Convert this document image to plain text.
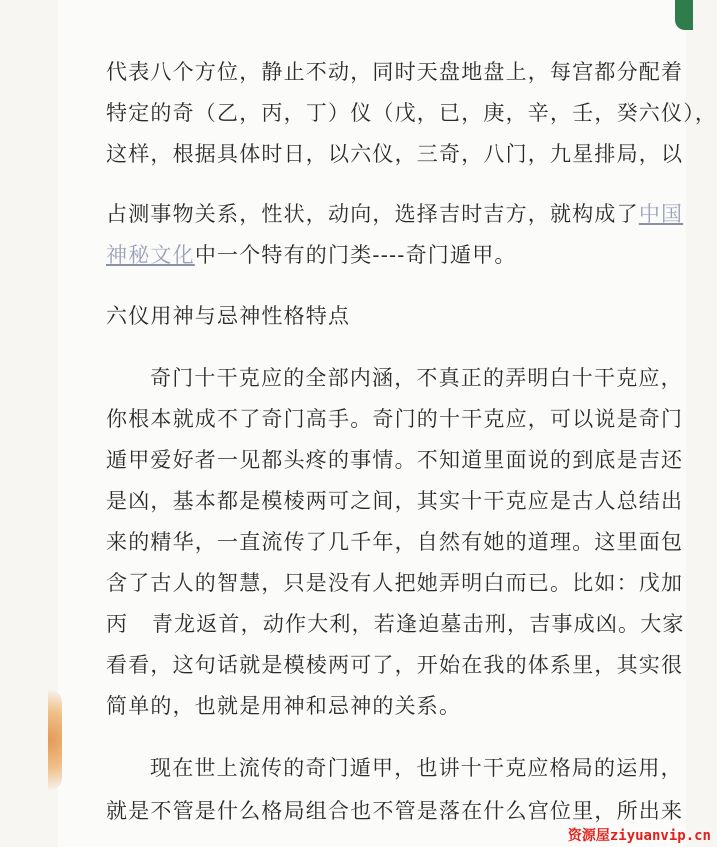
代表八个方位，静止不动，同时天盘地盘上，每宫都分配着
特定的奇（乙，丙，丁）仪（戊，已，庚，辛，壬，癸六仪），
这样，根据具体时日，以六仪，三奇，八门，九星排局，以
占测事物关系，性状，动向，选择吉时吉方，就构成了中国
神秘文化中一个特有的门类----奇门遁甲。
六仪用神与忌神性格特点
奇门十干克应的全部内涵，不真正的弄明白十干克应，
你根本就成不了奇门高手。奇门的十干克应，可以说是奇门
遁甲爱好者一见都头疼的事情。不知道里面说的到底是吉还
是凶，基本都是模棱两可之间，其实十干克应是古人总结出
来的精华，一直流传了几千年，自然有她的道理。这里面包
含了古人的智慧，只是没有人把她弄明白而已。比如：戊加
丙   青龙返首，动作大利，若逢迫墓击刑，吉事成凶。大家
看看，这句话就是模棱两可了，开始在我的体系里，其实很
简单的，也就是用神和忌神的关系。
现在世上流传的奇门遁甲，也讲十干克应格局的运用，
就是不管是什么格局组合也不管是落在什么宫位里，所出来
资源屋ziyuanvip.cn
